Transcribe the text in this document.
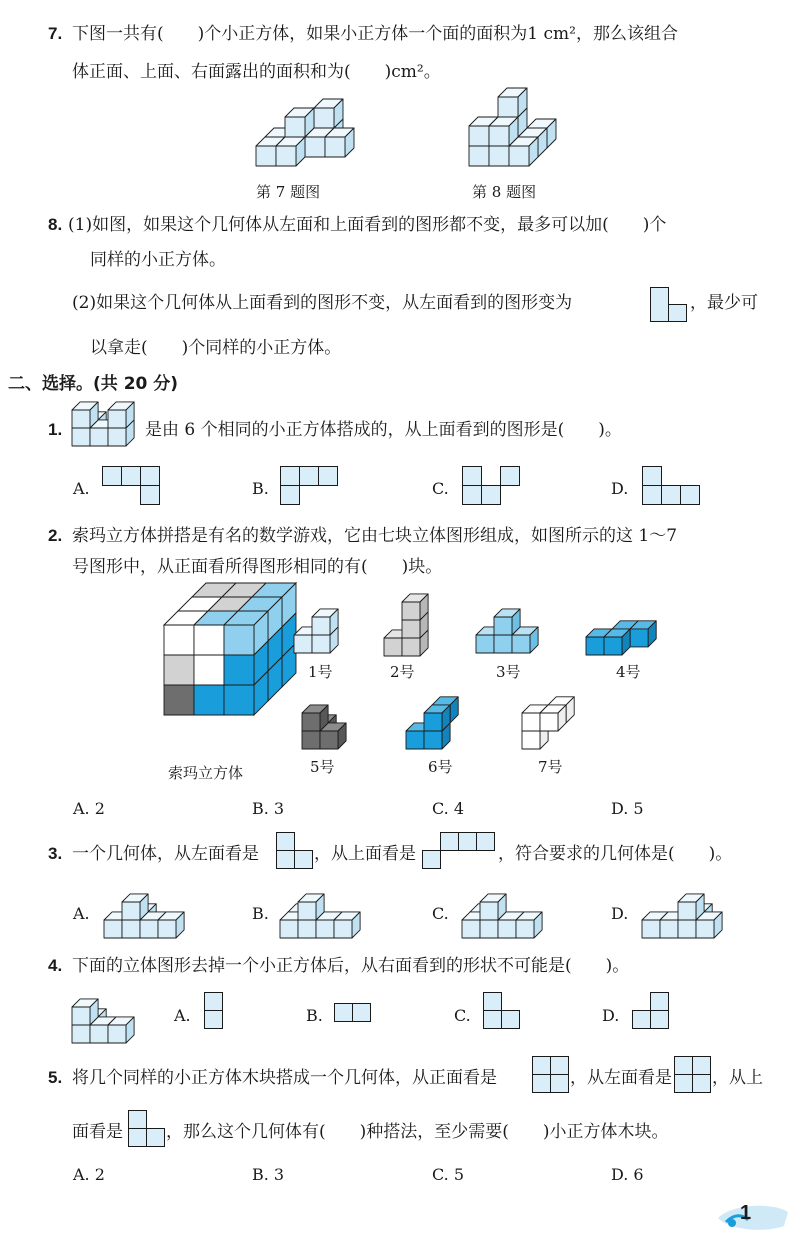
7. 下图一共有(　　)个小正方体，如果小正方体一个面的面积为1 cm²，那么该组合
体正面、上面、右面露出的面积和为(　　)cm²。
第 7 题图	第 8 题图
8. (1)如图，如果这个几何体从左面和上面看到的图形都不变，最多可以加(　　)个
同样的小正方体。
(2)如果这个几何体从上面看到的图形不变，从左面看到的图形变为	，最少可
以拿走(　　)个同样的小正方体。
二、选择。(共 20 分)
1.	是由 6 个相同的小正方体搭成的，从上面看到的图形是(　　)。
A.	B.	C.	D.
2. 索玛立方体拼搭是有名的数学游戏，它由七块立体图形组成，如图所示的这 1～7
号图形中，从正面看所得图形相同的有(　　)块。
索玛立方体
1号	2号	3号	4号
5号	6号	7号
A. 2	B. 3	C. 4	D. 5
3. 一个几何体，从左面看是	，从上面看是	，符合要求的几何体是(　　)。
A.	B.	C.	D.
4. 下面的立体图形去掉一个小正方体后，从右面看到的形状不可能是(　　)。
A.	B.	C.	D.
5. 将几个同样的小正方体木块搭成一个几何体，从正面看是	，从左面看是 ，从上
面看是	，那么这个几何体有(　　)种搭法，至少需要(　　)小正方体木块。
A. 2	B. 3	C. 5	D. 6
1
